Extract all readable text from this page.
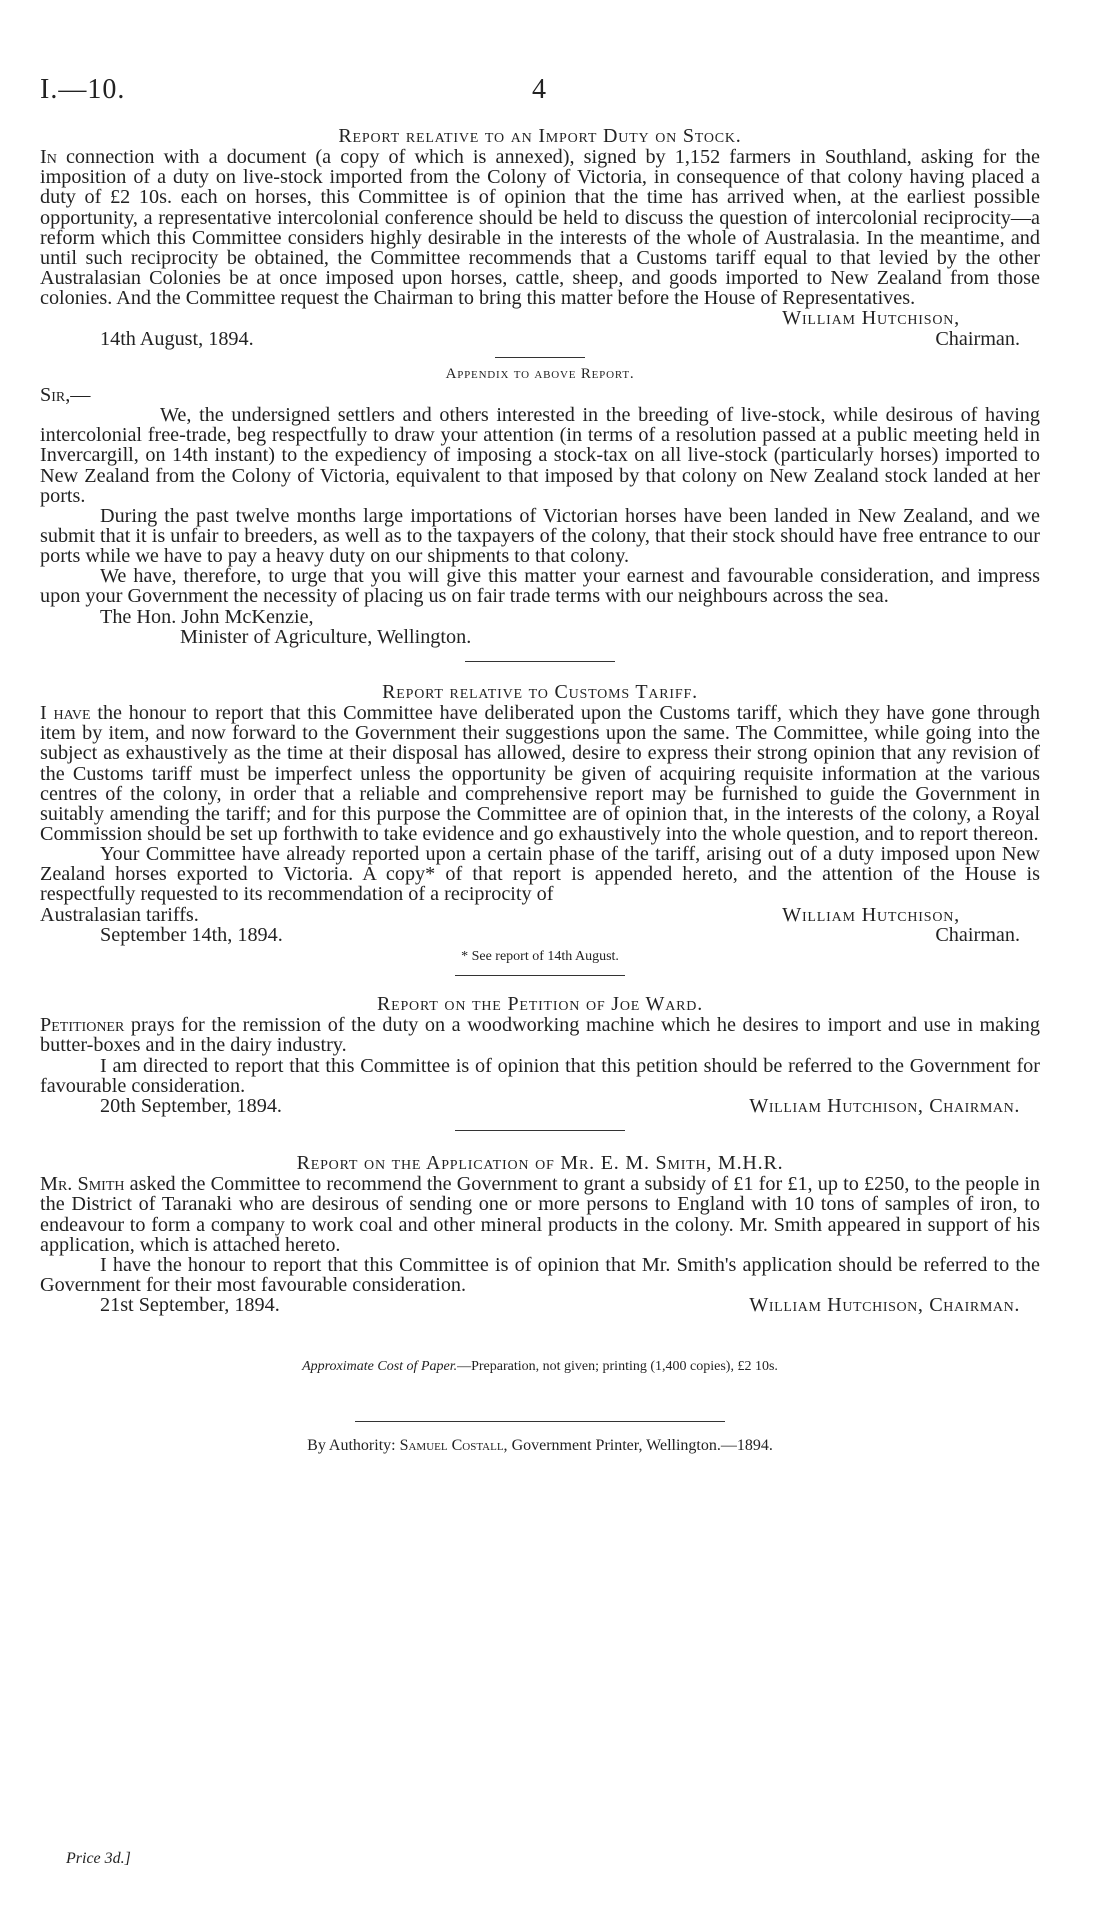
I.—10.	4
Report relative to an Import Duty on Stock.

In connection with a document (a copy of which is annexed), signed by 1,152 farmers in Southland, asking for the imposition of a duty on live-stock imported from the Colony of Victoria, in consequence of that colony having placed a duty of £2 10s. each on horses, this Committee is of opinion that the time has arrived when, at the earliest possible opportunity, a representative intercolonial conference should be held to discuss the question of intercolonial reciprocity—a reform which this Committee considers highly desirable in the interests of the whole of Australasia. In the meantime, and until such reciprocity be obtained, the Committee recommends that a Customs tariff equal to that levied by the other Australasian Colonies be at once imposed upon horses, cattle, sheep, and goods imported to New Zealand from those colonies. And the Committee request the Chairman to bring this matter before the House of Representatives.

William Hutchison,
14th August, 1894.	Chairman.
Appendix to above Report.

Sir,—

We, the undersigned settlers and others interested in the breeding of live-stock, while desirous of having intercolonial free-trade, beg respectfully to draw your attention (in terms of a resolution passed at a public meeting held in Invercargill, on 14th instant) to the expediency of imposing a stock-tax on all live-stock (particularly horses) imported to New Zealand from the Colony of Victoria, equivalent to that imposed by that colony on New Zealand stock landed at her ports.

During the past twelve months large importations of Victorian horses have been landed in New Zealand, and we submit that it is unfair to breeders, as well as to the taxpayers of the colony, that their stock should have free entrance to our ports while we have to pay a heavy duty on our shipments to that colony.

We have, therefore, to urge that you will give this matter your earnest and favourable consideration, and impress upon your Government the necessity of placing us on fair trade terms with our neighbours across the sea.

The Hon. John McKenzie,

Minister of Agriculture, Wellington.

Report relative to Customs Tariff.

I have the honour to report that this Committee have deliberated upon the Customs tariff, which they have gone through item by item, and now forward to the Government their suggestions upon the same. The Committee, while going into the subject as exhaustively as the time at their disposal has allowed, desire to express their strong opinion that any revision of the Customs tariff must be imperfect unless the opportunity be given of acquiring requisite information at the various centres of the colony, in order that a reliable and comprehensive report may be furnished to guide the Government in suitably amending the tariff; and for this purpose the Committee are of opinion that, in the interests of the colony, a Royal Commission should be set up forthwith to take evidence and go exhaustively into the whole question, and to report thereon.

Your Committee have already reported upon a certain phase of the tariff, arising out of a duty imposed upon New Zealand horses exported to Victoria. A copy* of that report is appended hereto, and the attention of the House is respectfully requested to its recommendation of a reciprocity of

Australasian tariffs.	William Hutchison,
September 14th, 1894.	Chairman.

* See report of 14th August.

Report on the Petition of Joe Ward.

Petitioner prays for the remission of the duty on a woodworking machine which he desires to import and use in making butter-boxes and in the dairy industry.

I am directed to report that this Committee is of opinion that this petition should be referred to the Government for favourable consideration.

20th September, 1894.	William Hutchison, Chairman.
Report on the Application of Mr. E. M. Smith, M.H.R.

Mr. Smith asked the Committee to recommend the Government to grant a subsidy of £1 for £1, up to £250, to the people in the District of Taranaki who are desirous of sending one or more persons to England with 10 tons of samples of iron, to endeavour to form a company to work coal and other mineral products in the colony. Mr. Smith appeared in support of his application, which is attached hereto.

I have the honour to report that this Committee is of opinion that Mr. Smith's application should be referred to the Government for their most favourable consideration.

21st September, 1894.	William Hutchison, Chairman.
Approximate Cost of Paper.—Preparation, not given; printing (1,400 copies), £2 10s.
By Authority: Samuel Costall, Government Printer, Wellington.—1894.
Price 3d.]
